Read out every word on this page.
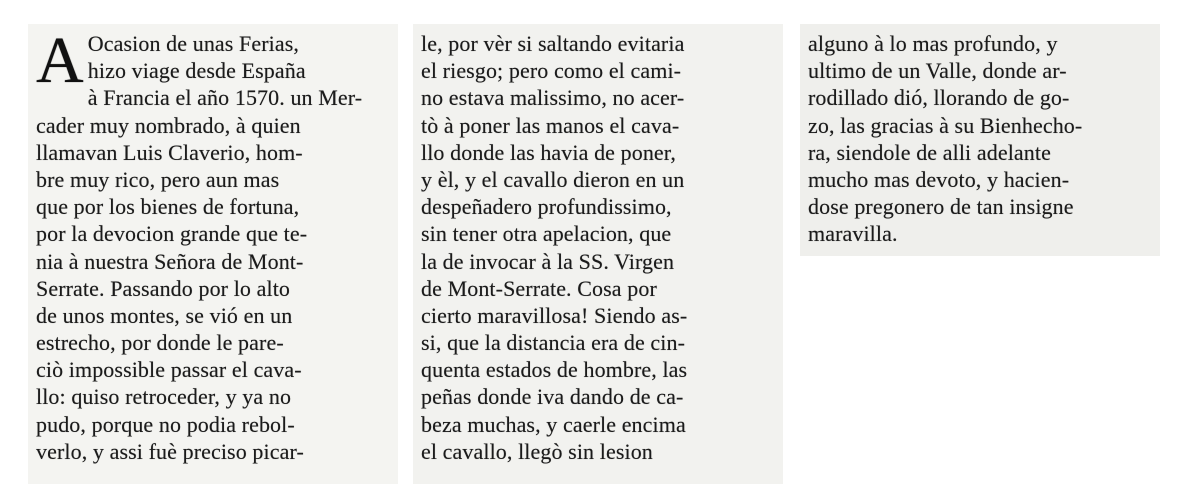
A Ocasion de unas Ferias,
hizo viage desde España
à Francia el año 1570. un Mer-
cader muy nombrado, à quien
llamavan Luis Claverio, hom-
bre muy rico, pero aun mas
que por los bienes de fortuna,
por la devocion grande que te-
nia à nuestra Señora de Mont-
Serrate. Passando por lo alto
de unos montes, se vió en un
estrecho, por donde le pare-
ciò impossible passar el cava-
llo: quiso retroceder, y ya no
pudo, porque no podia rebol-
verlo, y assi fuè preciso picar-
le, por vèr si saltando evitaria
el riesgo; pero como el cami-
no estava malissimo, no acer-
tò à poner las manos el cava-
llo donde las havia de poner,
y èl, y el cavallo dieron en un
despeñadero profundissimo,
sin tener otra apelacion, que
la de invocar à la SS. Virgen
de Mont-Serrate. Cosa por
cierto maravillosa! Siendo as-
si, que la distancia era de cin-
quenta estados de hombre, las
peñas donde iva dando de ca-
beza muchas, y caerle encima
el cavallo, llegò sin lesion
alguno à lo mas profundo, y
ultimo de un Valle, donde ar-
rodillado dió, llorando de go-
zo, las gracias à su Bienhecho-
ra, siendole de alli adelante
mucho mas devoto, y hacien-
dose pregonero de tan insigne
maravilla.
